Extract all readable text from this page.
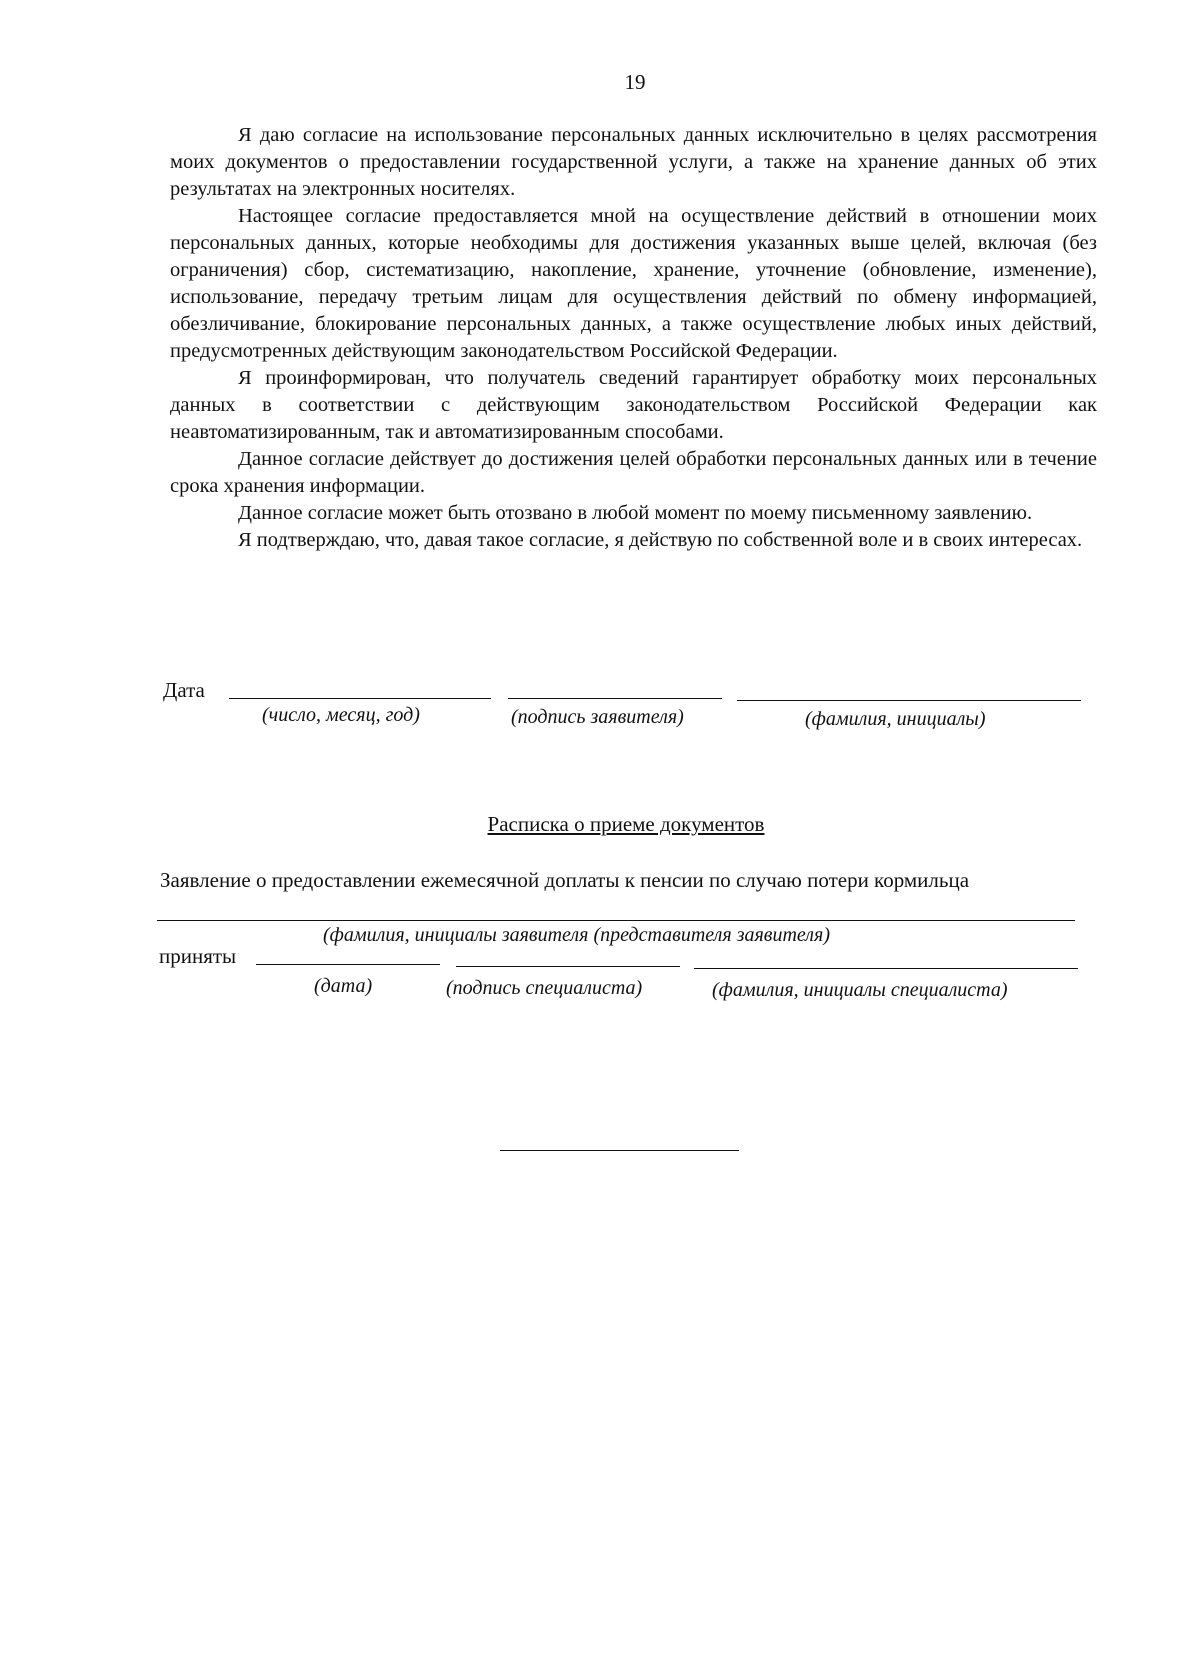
19

Я даю согласие на использование персональных данных исключительно в целях рассмотрения моих документов о предоставлении государственной услуги, а также на хранение данных об этих результатах на электронных носителях.

Настоящее согласие предоставляется мной на осуществление действий в отношении моих персональных данных, которые необходимы для достижения указанных выше целей, включая (без ограничения) сбор, систематизацию, накопление, хранение, уточнение (обновление, изменение), использование, передачу третьим лицам для осуществления действий по обмену информацией, обезличивание, блокирование персональных данных, а также осуществление любых иных действий, предусмотренных действующим законодательством Российской Федерации.

Я проинформирован, что получатель сведений гарантирует обработку моих персональных данных в соответствии с действующим законодательством Российской Федерации как неавтоматизированным, так и автоматизированным способами.

Данное согласие действует до достижения целей обработки персональных данных или в течение срока хранения информации.

Данное согласие может быть отозвано в любой момент по моему письменному заявлению.

Я подтверждаю, что, давая такое согласие, я действую по собственной воле и в своих интересах.

Дата
(число, месяц, год)	(подпись заявителя)	(фамилия, инициалы)
Расписка о приеме документов
Заявление о предоставлении ежемесячной доплаты к пенсии по случаю потери кормильца
(фамилия, инициалы заявителя (представителя заявителя)
приняты
(дата)	(подпись специалиста)	(фамилия, инициалы специалиста)
